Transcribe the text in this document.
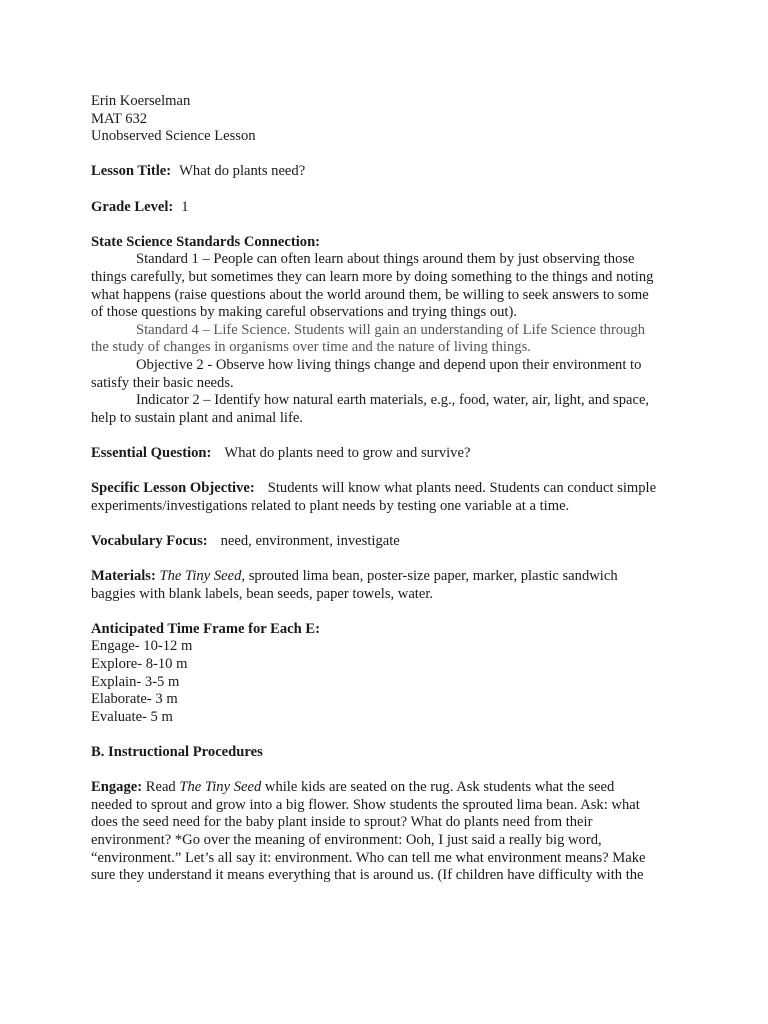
Erin Koerselman
MAT 632
Unobserved Science Lesson
Lesson Title: What do plants need?
Grade Level: 1
State Science Standards Connection:
Standard 1 – People can often learn about things around them by just observing those
things carefully, but sometimes they can learn more by doing something to the things and noting
what happens (raise questions about the world around them, be willing to seek answers to some
of those questions by making careful observations and trying things out).
Standard 4 – Life Science. Students will gain an understanding of Life Science through
the study of changes in organisms over time and the nature of living things.
Objective 2 - Observe how living things change and depend upon their environment to
satisfy their basic needs.
Indicator 2 – Identify how natural earth materials, e.g., food, water, air, light, and space,
help to sustain plant and animal life.
Essential Question: What do plants need to grow and survive?
Specific Lesson Objective: Students will know what plants need. Students can conduct simple
experiments/investigations related to plant needs by testing one variable at a time.
Vocabulary Focus: need, environment, investigate
Materials: The Tiny Seed, sprouted lima bean, poster-size paper, marker, plastic sandwich
baggies with blank labels, bean seeds, paper towels, water.
Anticipated Time Frame for Each E:
Engage- 10-12 m
Explore- 8-10 m
Explain- 3-5 m
Elaborate- 3 m
Evaluate- 5 m
B. Instructional Procedures
Engage: Read The Tiny Seed while kids are seated on the rug. Ask students what the seed
needed to sprout and grow into a big flower. Show students the sprouted lima bean. Ask: what
does the seed need for the baby plant inside to sprout? What do plants need from their
environment? *Go over the meaning of environment: Ooh, I just said a really big word,
“environment.” Let’s all say it: environment. Who can tell me what environment means? Make
sure they understand it means everything that is around us. (If children have difficulty with the
